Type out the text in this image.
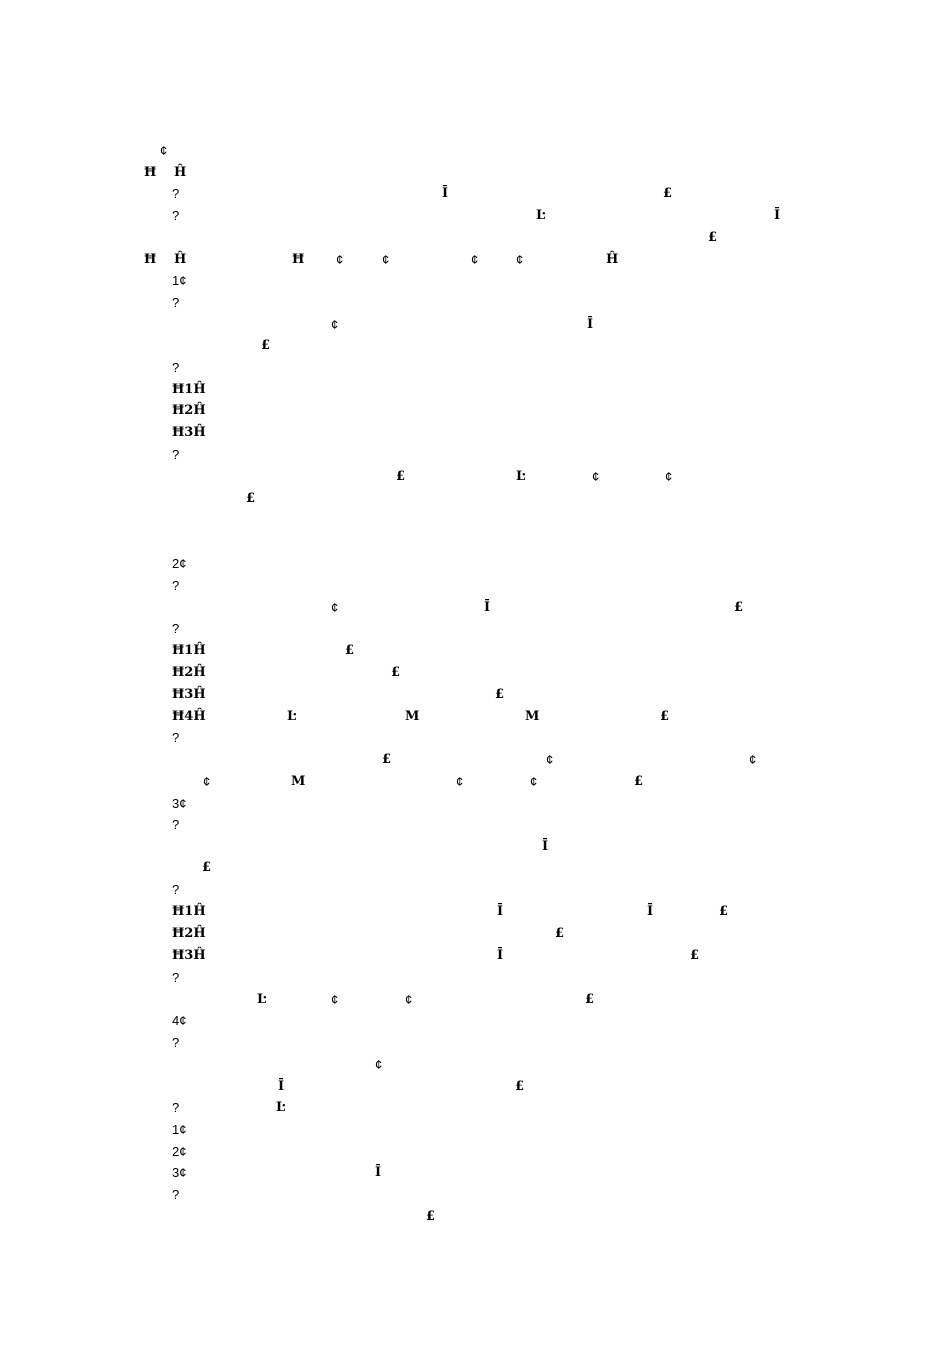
¢
Ħ Ĥ
?	Ī	£
?	Ŀ	Ī
£
Ħ Ĥ	Ħ ¢	¢	¢	¢	Ĥ
1¢
?
¢	Ī
£
?
Ħ1Ĥ
Ħ2Ĥ
Ħ3Ĥ
?
£	Ŀ	¢	¢
£
2¢
?
¢	Ī	£
?
Ħ1Ĥ	£
Ħ2Ĥ	£
Ħ3Ĥ	£
Ħ4Ĥ	Ŀ	M	M	£
?
£	¢	¢
¢	M	¢	¢	£
3¢
?
Ī
£
?
Ħ1Ĥ	Ī	Ī	£
Ħ2Ĥ	£
Ħ3Ĥ	Ī	£
?
Ŀ	¢	¢	£
4¢
?
¢
Ī	£
?	Ŀ
1¢
2¢
3¢	Ī
?
£
